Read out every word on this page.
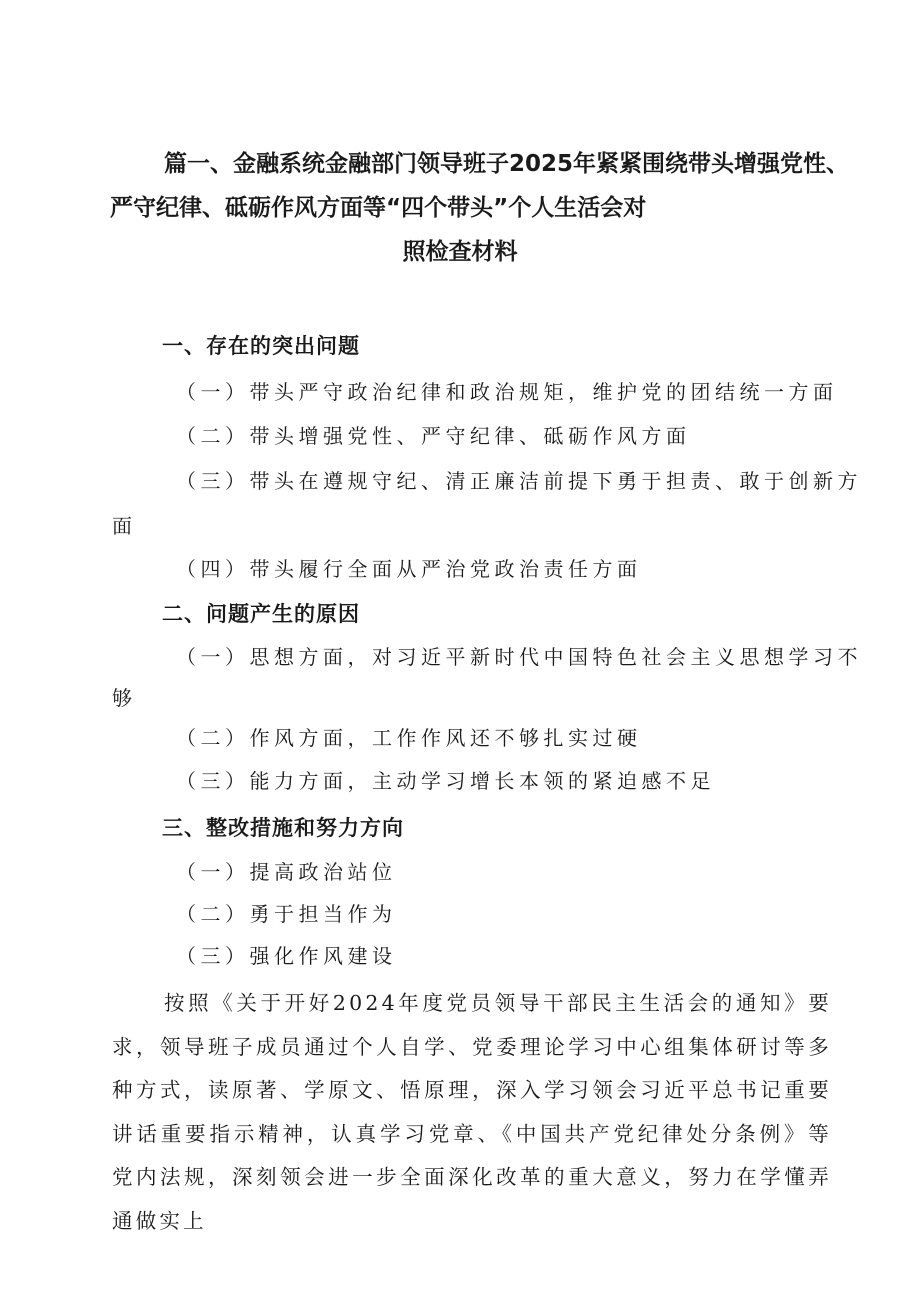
篇一、金融系统金融部门领导班子2025年紧紧围绕带头增强党性、
严守纪律、砥砺作风方面等“四个带头”个人生活会对
照检查材料
一、存在的突出问题
（一）带头严守政治纪律和政治规矩，维护党的团结统一方面
（二）带头增强党性、严守纪律、砥砺作风方面
（三）带头在遵规守纪、清正廉洁前提下勇于担责、敢于创新方
面
（四）带头履行全面从严治党政治责任方面
二、问题产生的原因
（一）思想方面，对习近平新时代中国特色社会主义思想学习不
够
（二）作风方面，工作作风还不够扎实过硬
（三）能力方面，主动学习增长本领的紧迫感不足
三、整改措施和努力方向
（一）提高政治站位
（二）勇于担当作为
（三）强化作风建设
按照《关于开好2024年度党员领导干部民主生活会的通知》要求，领导班子成员通过个人自学、党委理论学习中心组集体研讨等多种方式，读原著、学原文、悟原理，深入学习领会习近平总书记重要讲话重要指示精神，认真学习党章、《中国共产党纪律处分条例》等党内法规，深刻领会进一步全面深化改革的重大意义，努力在学懂弄通做实上
